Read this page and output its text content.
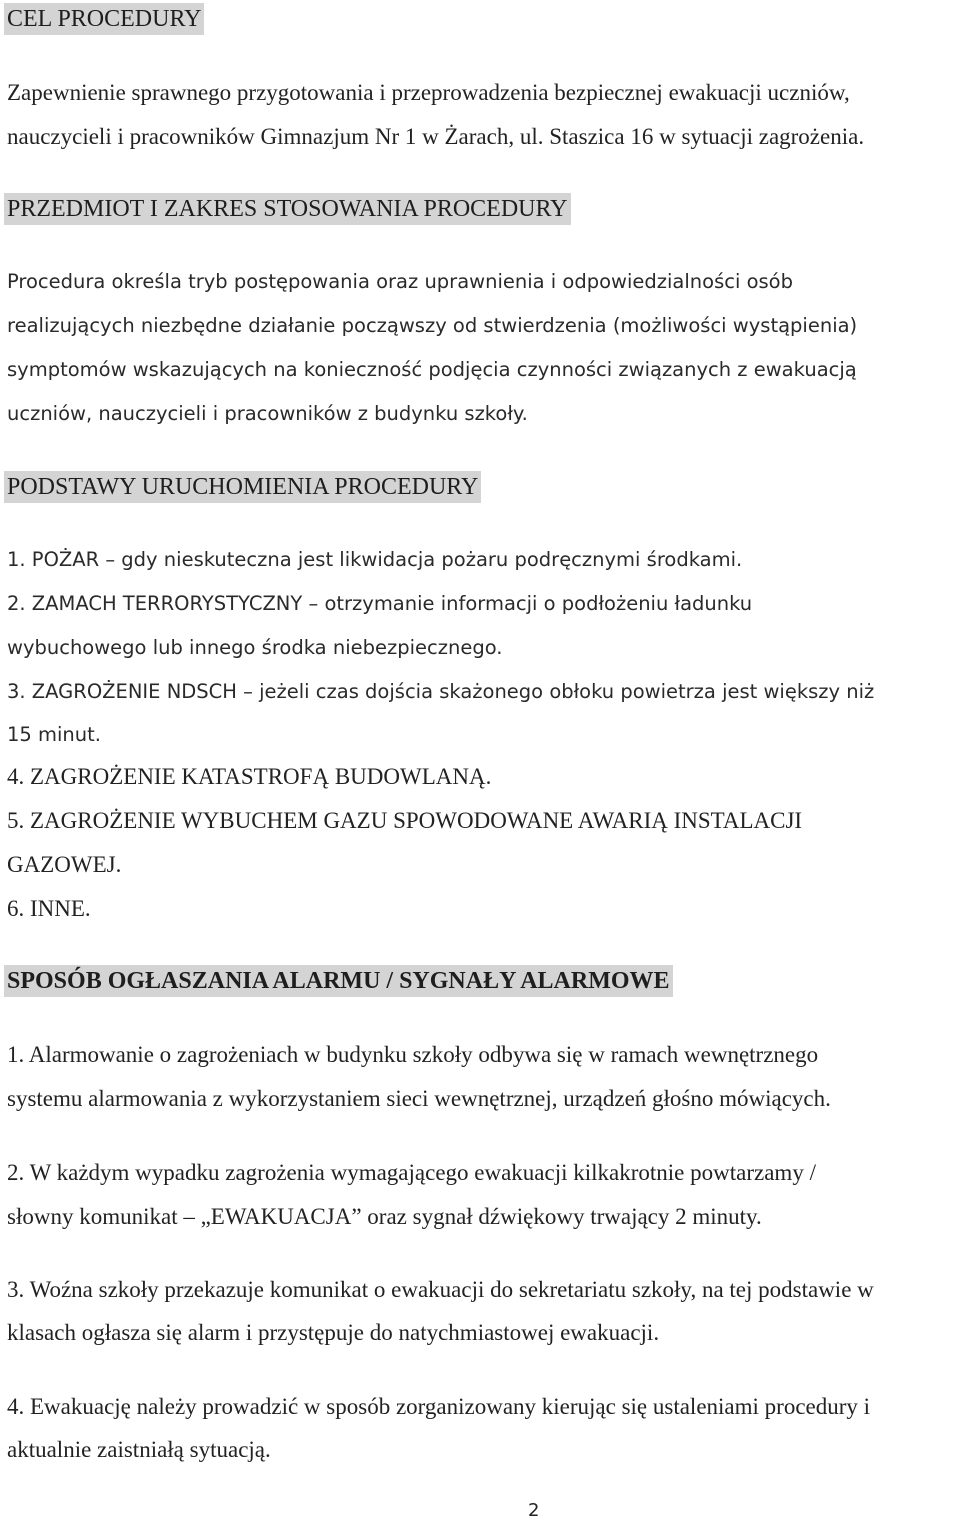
CEL PROCEDURY
Zapewnienie sprawnego przygotowania i przeprowadzenia bezpiecznej ewakuacji uczniów,
nauczycieli i pracowników Gimnazjum Nr 1 w Żarach, ul. Staszica 16 w sytuacji zagrożenia.
PRZEDMIOT I ZAKRES STOSOWANIA PROCEDURY
Procedura określa tryb postępowania oraz uprawnienia i odpowiedzialności osób
realizujących niezbędne działanie począwszy od stwierdzenia (możliwości wystąpienia)
symptomów wskazujących na konieczność podjęcia czynności związanych z ewakuacją
uczniów, nauczycieli i pracowników z budynku szkoły.
PODSTAWY URUCHOMIENIA PROCEDURY
1. POŻAR – gdy nieskuteczna jest likwidacja pożaru podręcznymi środkami.
2. ZAMACH TERRORYSTYCZNY – otrzymanie informacji o podłożeniu ładunku
wybuchowego lub innego środka niebezpiecznego.
3. ZAGROŻENIE NDSCH – jeżeli czas dojścia skażonego obłoku powietrza jest większy niż
15 minut.
4. ZAGROŻENIE KATASTROFĄ BUDOWLANĄ.
5. ZAGROŻENIE WYBUCHEM GAZU SPOWODOWANE AWARIĄ INSTALACJI
GAZOWEJ.
6. INNE.
SPOSÓB OGŁASZANIA ALARMU / SYGNAŁY ALARMOWE
1. Alarmowanie o zagrożeniach w budynku szkoły odbywa się w ramach wewnętrznego
systemu alarmowania z wykorzystaniem sieci wewnętrznej, urządzeń głośno mówiących.
2. W każdym wypadku zagrożenia wymagającego ewakuacji kilkakrotnie powtarzamy /
słowny komunikat – „EWAKUACJA” oraz sygnał dźwiękowy trwający 2 minuty.
3. Woźna szkoły przekazuje komunikat o ewakuacji do sekretariatu szkoły, na tej podstawie w
klasach ogłasza się alarm i przystępuje do natychmiastowej ewakuacji.
4. Ewakuację należy prowadzić w sposób zorganizowany kierując się ustaleniami procedury i
aktualnie zaistniałą sytuacją.
2
